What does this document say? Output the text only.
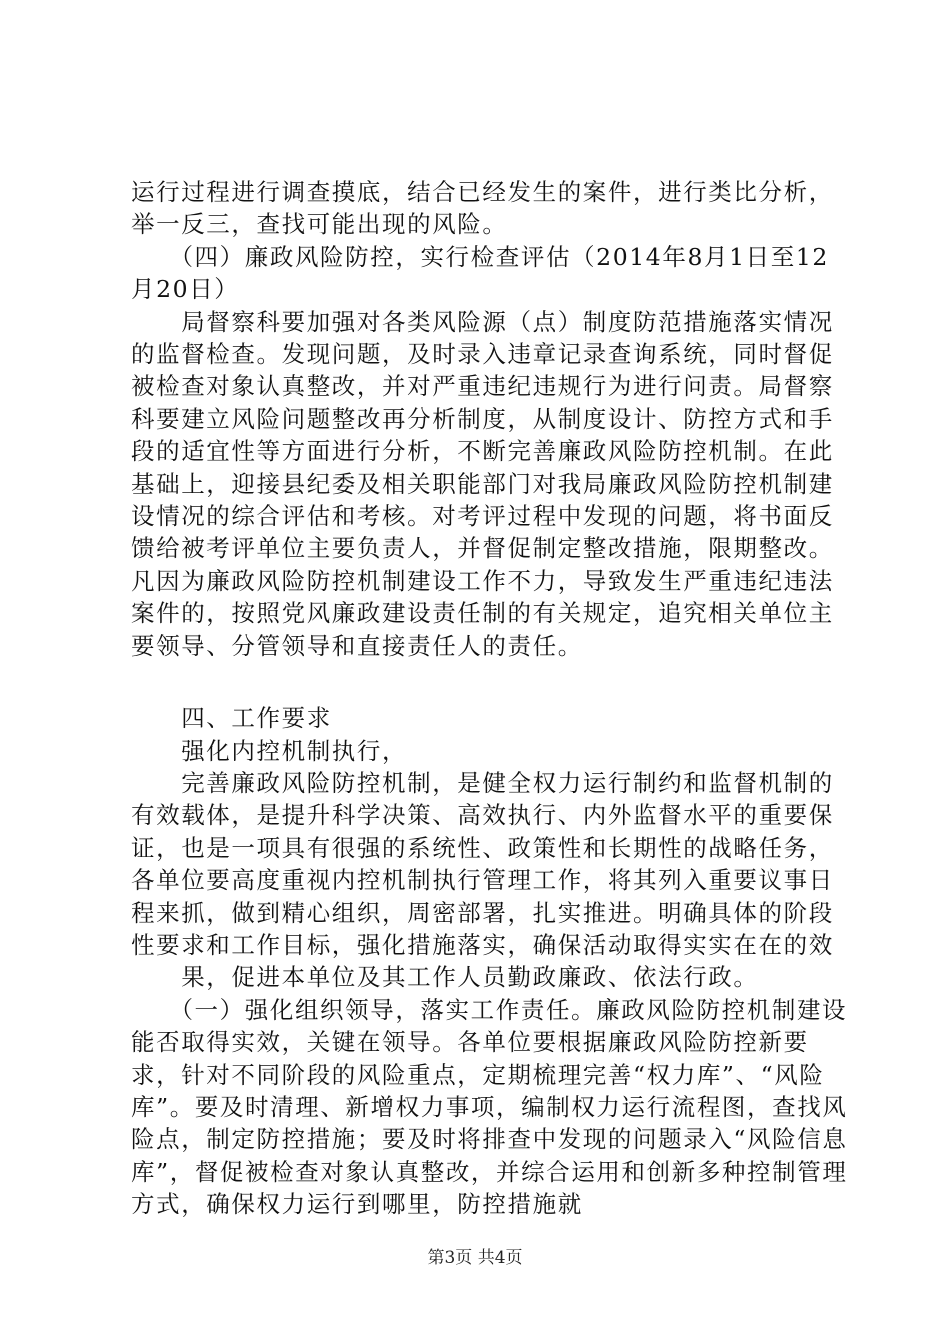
运行过程进行调查摸底，结合已经发生的案件，进行类比分析，举一反三，查找可能出现的风险。

　　（四）廉政风险防控，实行检查评估（2014年8月1日至12月20日）

　　局督察科要加强对各类风险源（点）制度防范措施落实情况的监督检查。发现问题，及时录入违章记录查询系统，同时督促被检查对象认真整改，并对严重违纪违规行为进行问责。局督察科要建立风险问题整改再分析制度，从制度设计、防控方式和手段的适宜性等方面进行分析，不断完善廉政风险防控机制。在此基础上，迎接县纪委及相关职能部门对我局廉政风险防控机制建设情况的综合评估和考核。对考评过程中发现的问题，将书面反馈给被考评单位主要负责人，并督促制定整改措施，限期整改。凡因为廉政风险防控机制建设工作不力，导致发生严重违纪违法案件的，按照党风廉政建设责任制的有关规定，追究相关单位主要领导、分管领导和直接责任人的责任。

　　四、工作要求

　　强化内控机制执行，

　　完善廉政风险防控机制，是健全权力运行制约和监督机制的有效载体，是提升科学决策、高效执行、内外监督水平的重要保证，也是一项具有很强的系统性、政策性和长期性的战略任务，各单位要高度重视内控机制执行管理工作，将其列入重要议事日程来抓，做到精心组织，周密部署，扎实推进。明确具体的阶段性要求和工作目标，强化措施落实，确保活动取得实实在在的效

　　果，促进本单位及其工作人员勤政廉政、依法行政。

　　（一）强化组织领导，落实工作责任。廉政风险防控机制建设能否取得实效，关键在领导。各单位要根据廉政风险防控新要求，针对不同阶段的风险重点，定期梳理完善“权力库”、“风险库”。要及时清理、新增权力事项，编制权力运行流程图，查找风险点，制定防控措施；要及时将排查中发现的问题录入“风险信息库”，督促被检查对象认真整改，并综合运用和创新多种控制管理方式，确保权力运行到哪里，防控措施就

第3页 共4页
